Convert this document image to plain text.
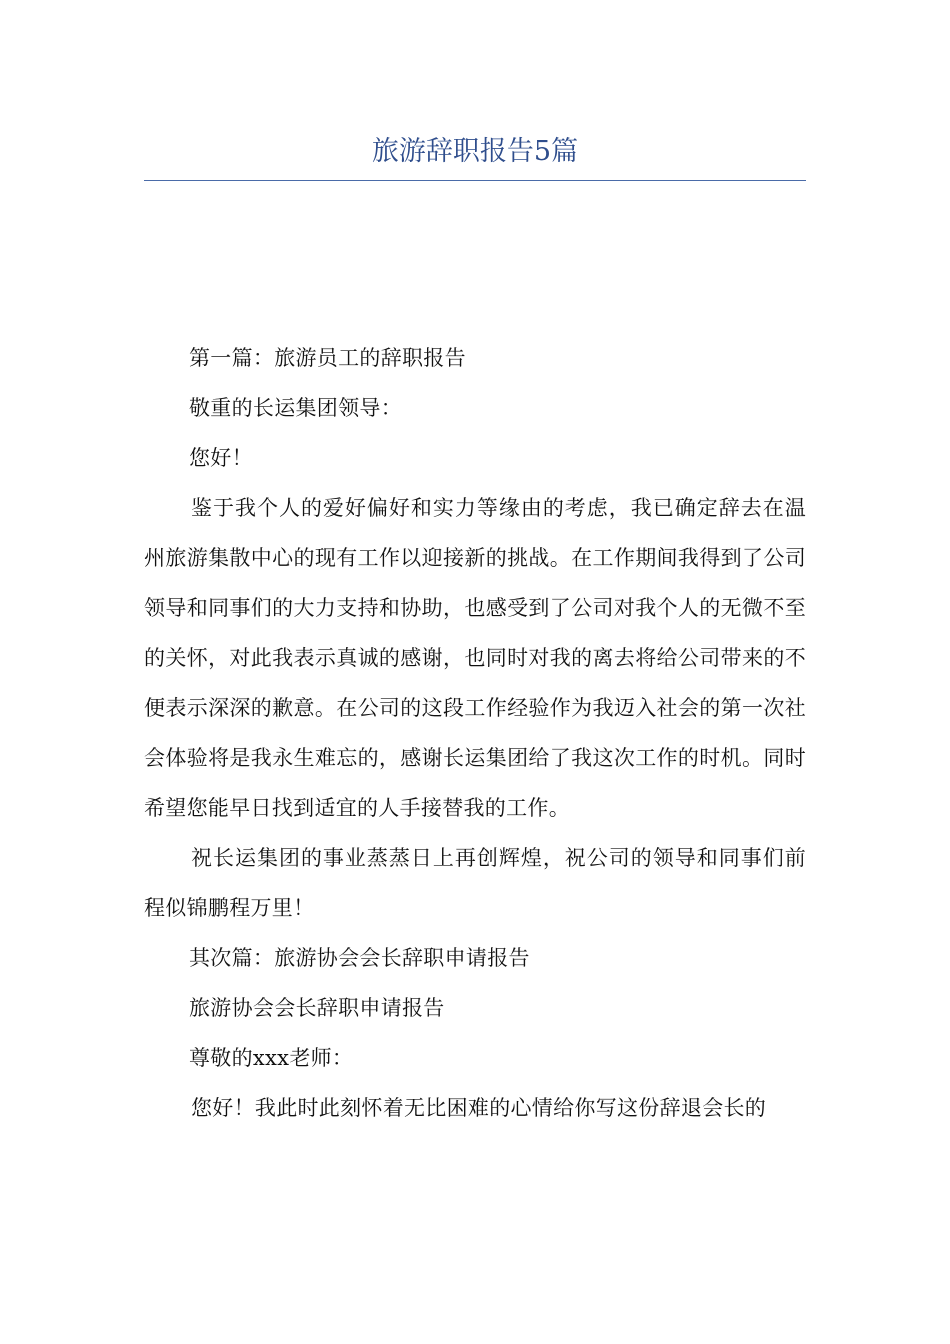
旅游辞职报告5篇

第一篇：旅游员工的辞职报告

敬重的长运集团领导：

您好！

鉴于我个人的爱好偏好和实力等缘由的考虑，我已确定辞去在温州旅游集散中心的现有工作以迎接新的挑战。在工作期间我得到了公司领导和同事们的大力支持和协助，也感受到了公司对我个人的无微不至的关怀，对此我表示真诚的感谢，也同时对我的离去将给公司带来的不便表示深深的歉意。在公司的这段工作经验作为我迈入社会的第一次社会体验将是我永生难忘的，感谢长运集团给了我这次工作的时机。同时希望您能早日找到适宜的人手接替我的工作。

祝长运集团的事业蒸蒸日上再创辉煌，祝公司的领导和同事们前程似锦鹏程万里！

其次篇：旅游协会会长辞职申请报告

旅游协会会长辞职申请报告

尊敬的xxx老师：

您好！我此时此刻怀着无比困难的心情给你写这份辞退会长的
